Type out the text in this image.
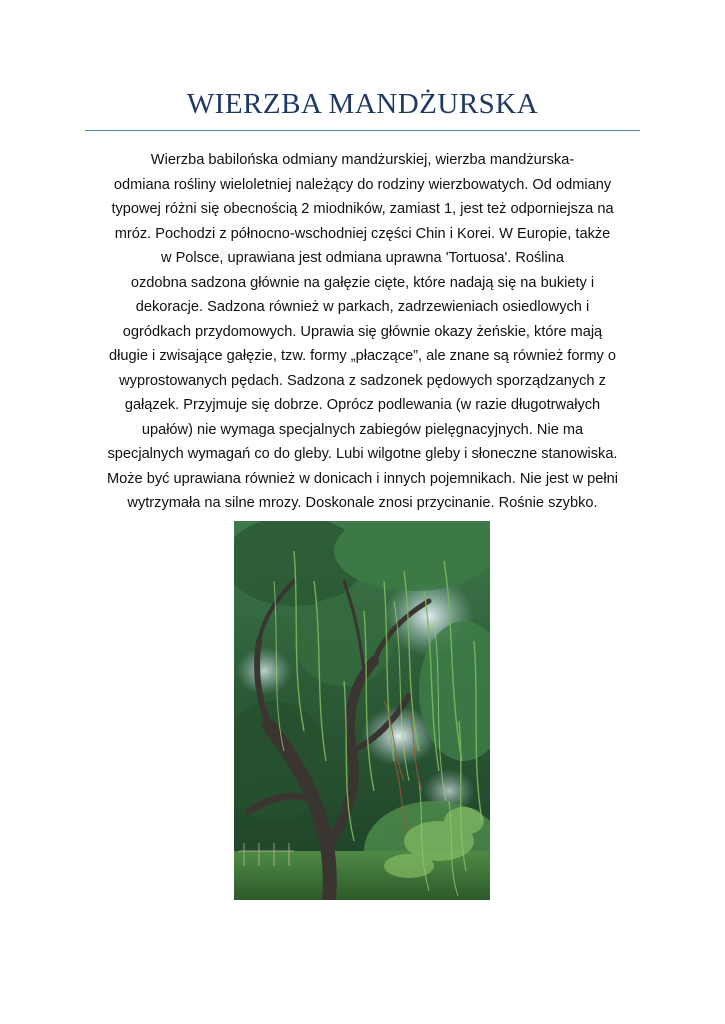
WIERZBA MANDŻURSKA
Wierzba babilońska odmiany mandżurskiej, wierzba mandżurska-
odmiana rośliny wieloletniej należący do rodziny wierzbowatych. Od odmiany
typowej różni się obecnością 2 miodników, zamiast 1, jest też odporniejsza na
mróz. Pochodzi z północno-wschodniej części Chin i Korei. W Europie, także
w Polsce, uprawiana jest odmiana uprawna 'Tortuosa'. Roślina
ozdobna sadzona głównie na gałęzie cięte, które nadają się na bukiety i
dekoracje. Sadzona również w parkach, zadrzewieniach osiedlowych i
ogródkach przydomowych. Uprawia się głównie okazy żeńskie, które mają
długie i zwisające gałęzie, tzw. formy „płaczące”, ale znane są również formy o
wyprostowanych pędach. Sadzona z sadzonek pędowych sporządzanych z
gałązek. Przyjmuje się dobrze. Oprócz podlewania (w razie długotrwałych
upałów) nie wymaga specjalnych zabiegów pielęgnacyjnych. Nie ma
specjalnych wymagań co do gleby. Lubi wilgotne gleby i słoneczne stanowiska.
Może być uprawiana również w donicach i innych pojemnikach. Nie jest w pełni
wytrzymała na silne mrozy. Doskonale znosi przycinanie. Rośnie szybko.
